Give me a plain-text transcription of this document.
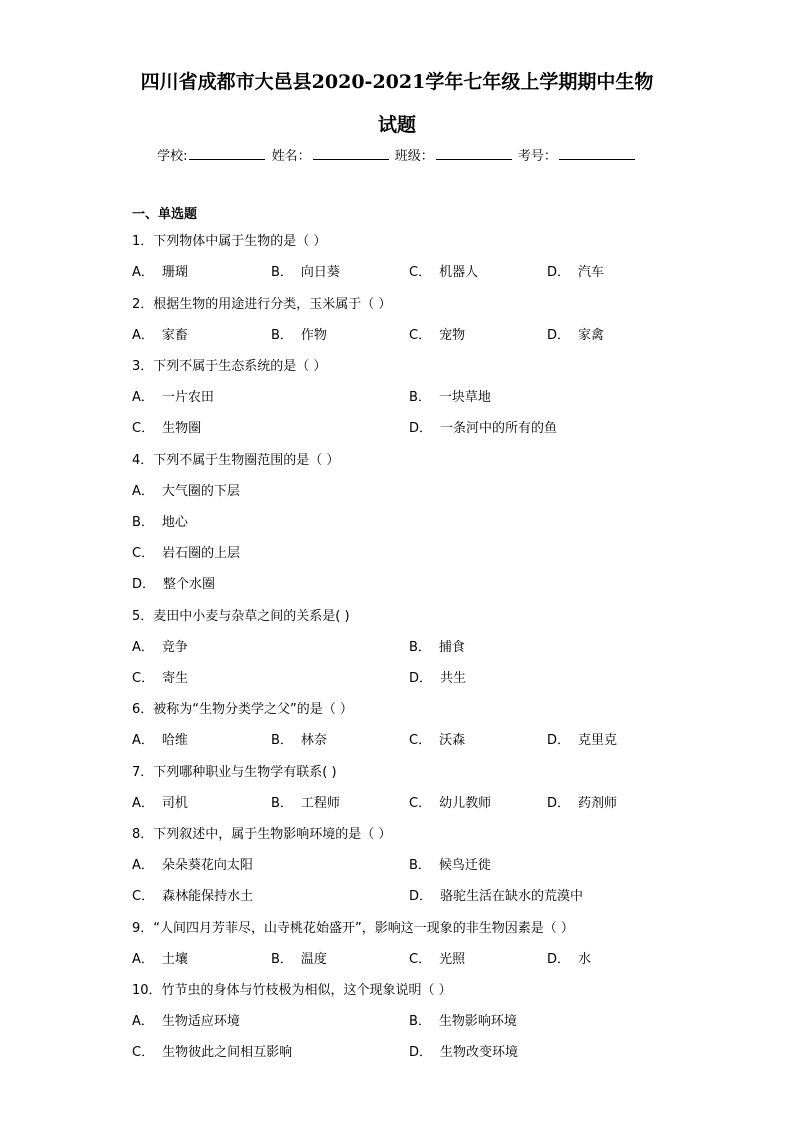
四川省成都市大邑县2020-2021学年七年级上学期期中生物
试题
学校:	姓名：	班级：	考号：
一、单选题
1．下列物体中属于生物的是（ ）
A． 珊瑚	B． 向日葵	C． 机器人	D． 汽车
2．根据生物的用途进行分类，玉米属于（ ）
A． 家畜	B． 作物	C． 宠物	D． 家禽
3．下列不属于生态系统的是（ ）
A． 一片农田	B． 一块草地
C． 生物圈	D． 一条河中的所有的鱼
4．下列不属于生物圈范围的是（ ）
A． 大气圈的下层
B． 地心
C． 岩石圈的上层
D． 整个水圈
5．麦田中小麦与杂草之间的关系是( )
A． 竞争	B． 捕食
C． 寄生	D． 共生
6．被称为“生物分类学之父”的是（ ）
A． 哈维	B． 林奈	C． 沃森	D． 克里克
7．下列哪种职业与生物学有联系( )
A． 司机	B． 工程师	C． 幼儿教师	D． 药剂师
8．下列叙述中，属于生物影响环境的是（ ）
A． 朵朵葵花向太阳	B． 候鸟迁徙
C． 森林能保持水土	D． 骆驼生活在缺水的荒漠中
9．“人间四月芳菲尽，山寺桃花始盛开”，影响这一现象的非生物因素是（ ）
A． 土壤	B． 温度	C． 光照	D． 水
10．竹节虫的身体与竹枝极为相似，这个现象说明（ ）
A． 生物适应环境	B． 生物影响环境
C． 生物彼此之间相互影响	D． 生物改变环境
